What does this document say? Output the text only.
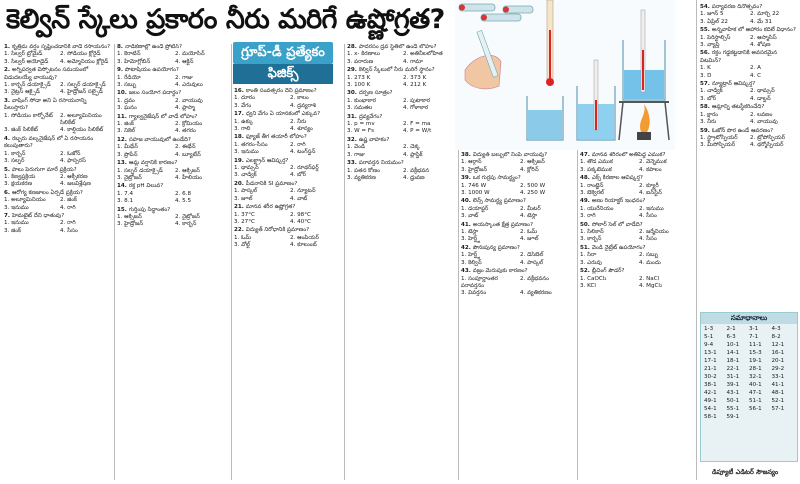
కెల్విన్ స్కేలు ప్రకారం నీరు మరిగే ఉష్ణోగ్రత?
గ్రూప్-డీ ప్రత్యేకం
ఫిజిక్స్
1. కృత్రిమ వర్షం సృష్టించడానికి వాడే రసాయనం?
1. సిల్వర్ బ్రోమైడ్	2. సోడియం క్లోరైడ్
3. సిల్వర్ అయోడైడ్	4. అమ్మోనియం క్లోరైడ్
2. అగ్నిపర్వత విస్ఫోటనం సమయంలో విడుదలయ్యే వాయువు?
1. కార్బన్ డయాక్సైడ్	2. సల్ఫర్ డయాక్సైడ్
3. నైట్రస్ ఆక్సైడ్	4. హైడ్రోజన్ సల్ఫైడ్
3. వాషింగ్ సోడా అని ఏ రసాయనాన్ని పిలుస్తారు?
1. సోడియం కార్బోనేట్	2. అల్యూమినియం సిలికేట్
3. జింక్ సిలికేట్	4. కాల్షియం సిలికేట్
4. రబ్బరు వల్కనైజేషన్ లో ఏ రసాయనం కలుపుతారు?
1. కార్బన్	2. ఓజోన్
3. సల్ఫర్	4. ఫాస్పరస్
5. పాలు పెరుగుగా మారే ప్రక్రియ?
1. కిణ్వప్రక్రియ	2. ఆక్సీకరణ
3. క్షయకరణ	4. జలవిశ్లేషణ
6. ఆరోగ్య కణజాలం ఏర్పడే ప్రక్రియ?
1. అల్యూమినియం	2. జింక్
3. ఇనుము	4. రాగి
7. హెమటైట్ దేని ధాతువు?
1. ఇనుము	2. రాగి
3. జింక్	4. సీసం
8. నాడీకణాల్లో ఉండే ప్రోటీన్?
1. కెరాటిన్	2. మయోసిన్
3. హిమోగ్లోబిన్	4. ఆక్టిన్
9. పొటాషియం ఉపయోగం?
1. రేడియో	2. గాజు
3. సబ్బు	4. ఎరువులు
10. జలం సంయోగ పదార్థం?
1. ద్రవం	2. వాయువు
3. ఘనం	4. ప్లాస్మా
11. గ్యాల్వనైజేషన్ లో వాడే లోహం?
1. జింక్	2. క్రోమియం
3. నికెల్	4. తగరం
12. సహజ వాయువులో ఉండేది?
1. మీథేన్	2. ఈథేన్
3. ప్రొపేన్	4. బ్యూటేన్
13. ఆమ్ల వర్షానికి కారణం?
1. సల్ఫర్ డయాక్సైడ్	2. ఆక్సిజన్
3. నైట్రోజన్	4. హీలియం
14. రక్త pH విలువ?
1. 7.4	2. 6.8
3. 8.1	4. 5.5
15. గుర్తింపు సిద్ధాంతం?
1. ఆక్సిజన్	2. నైట్రోజన్
3. హైడ్రోజన్	4. కార్బన్
16. కాంతి సంవత్సరం దేని ప్రమాణం?
1. దూరం	2. కాలం
3. వేగం	4. ద్రవ్యరాశి
17. ధ్వని వేగం ఏ యానకంలో ఎక్కువ?
1. ఉక్కు	2. నీరు
3. గాలి	4. శూన్యం
18. ఫ్యూజ్ తీగ తయారీ లోహం?
1. తగరం-సీసం	2. రాగి
3. ఇనుము	4. టంగ్‌స్టన్
19. ఎలక్ట్రాన్ ఆవిష్కర్త?
1. థామ్సన్	2. రూథర్‌ఫర్డ్
3. చాడ్విక్	4. బోర్
20. పీడనానికి SI ప్రమాణం?
1. పాస్కల్	2. న్యూటన్
3. జూల్	4. వాట్
21. మానవ శరీర ఉష్ణోగ్రత?
1. 37°C	2. 98°C
3. 27°C	4. 40°C
22. విద్యుత్ నిరోధానికి ప్రమాణం?
1. ఓమ్	2. ఆంపియర్
3. వోల్ట్	4. కూలుంబ్
28. పాదరసం ద్రవ స్థితిలో ఉండే లోహం?
1. x- కిరణాలు	2. అతినీలలోహిత
3. పరారుణ	4. గామా
29. కెల్విన్ స్కేలులో నీరు మరిగే స్థానం?
1. 273 K	2. 373 K
3. 100 K	4. 212 K
30. దర్పణ సూత్రం?
1. కుంభాకార	2. పుటాకార
3. సమతల	4. గోళాకార
31. ద్రవ్యవేగం?
1. p = mv	2. F = ma
3. W = Fs	4. P = W/t
32. ఉష్ణ వాహకం?
1. వెండి	2. చెక్క
3. గాజు	4. ప్లాస్టిక్
33. పరావర్తన నియమం?
1. పతన కోణం	2. వక్రీభవన
3. వ్యతికరణ	4. ధ్రువణ
38. విద్యుత్ బల్బులో నింపే వాయువు?
1. ఆర్గాన్	2. ఆక్సిజన్
3. హైడ్రోజన్	4. క్లోరిన్
39. ఒక గుర్రపు సామర్థ్యం?
1. 746 W	2. 500 W
3. 1000 W	4. 250 W
40. లెన్స్ సామర్థ్య ప్రమాణం?
1. డయాప్టర్	2. మీటర్
3. వాట్	4. టెస్లా
41. అయస్కాంత క్షేత్ర ప్రమాణం?
1. టెస్లా	2. ఓమ్
3. హెర్ట్జ్	4. జూల్
42. పౌనఃపున్య ప్రమాణం?
1. హెర్ట్జ్	2. డెసిబెల్
3. కెల్విన్	4. పాస్కల్
43. వజ్రం మెరుపుకు కారణం?
1. సంపూర్ణాంతర పరావర్తనం
2. వక్రీభవనం
3. వివర్తనం	4. వ్యతికరణం
47. మానవ శరీరంలో అతిపెద్ద ఎముక?
1. తొడ ఎముక	2. వెన్నెముక
3. పక్కటెముక	4. కపాలం
48. ఎక్స్ కిరణాల ఆవిష్కర్త?
1. రాంట్జెన్	2. క్యూరీ
3. బెక్వెరల్	4. ఐన్‌స్టీన్
49. అణు రియాక్టర్ ఇంధనం?
1. యురేనియం	2. ఇనుము
3. రాగి	4. సీసం
50. సోలార్ సెల్ లో వాడేది?
1. సిలికాన్	2. జర్మేనియం
3. కార్బన్	4. సీసం
51. వెండి నైట్రేట్ ఉపయోగం?
1. సిరా	2. సబ్బు
3. ఎరువు	4. మందు
52. బ్లీచింగ్ పౌడర్?
1. CaOCl₂	2. NaCl
3. KCl	4. MgCl₂
54. పర్యావరణ దినోత్సవం?
1. జూన్ 5	2. మార్చి 22
3. ఏప్రిల్ 22	4. మే 31
55. అన్నవాహిక లో ఆహారం కదిలే విధానం?
1. పెరిస్టాల్సిస్	2. ఆస్మాసిస్
3. వ్యాప్తి	4. శోషణ
56. రక్తం గడ్డకట్టడానికి అవసరమైన విటమిన్?
1. K	2. A
3. D	4. C
57. న్యూట్రాన్ ఆవిష్కర్త?
1. చాడ్విక్	2. థామ్సన్
3. బోర్	4. డాల్టన్
58. ఆమ్లాన్ని తటస్థీకరించేది?
1. క్షారం	2. లవణం
3. నీరు	4. వాయువు
59. ఓజోన్ పొర ఉండే ఆవరణం?
1. స్ట్రాటోస్ఫియర్	2. ట్రోపోస్ఫియర్
3. మీసోస్ఫియర్	4. థర్మోస్ఫియర్
సమాధానాలు
1-3	2-1	3-1	4-3
5-1	6-3	7-1	8-2
9-4	10-1	11-1	12-1
13-1	14-1	15-3	16-1
17-1	18-1	19-1	20-1
21-1	22-1	28-1	29-2
30-2	31-1	32-1	33-1
38-1	39-1	40-1	41-1
42-1	43-1	47-1	48-1
49-1	50-1	51-1	52-1
54-1	55-1	56-1	57-1
58-1	59-1
డిప్యూటీ ఎడిటర్ సౌజన్యం
